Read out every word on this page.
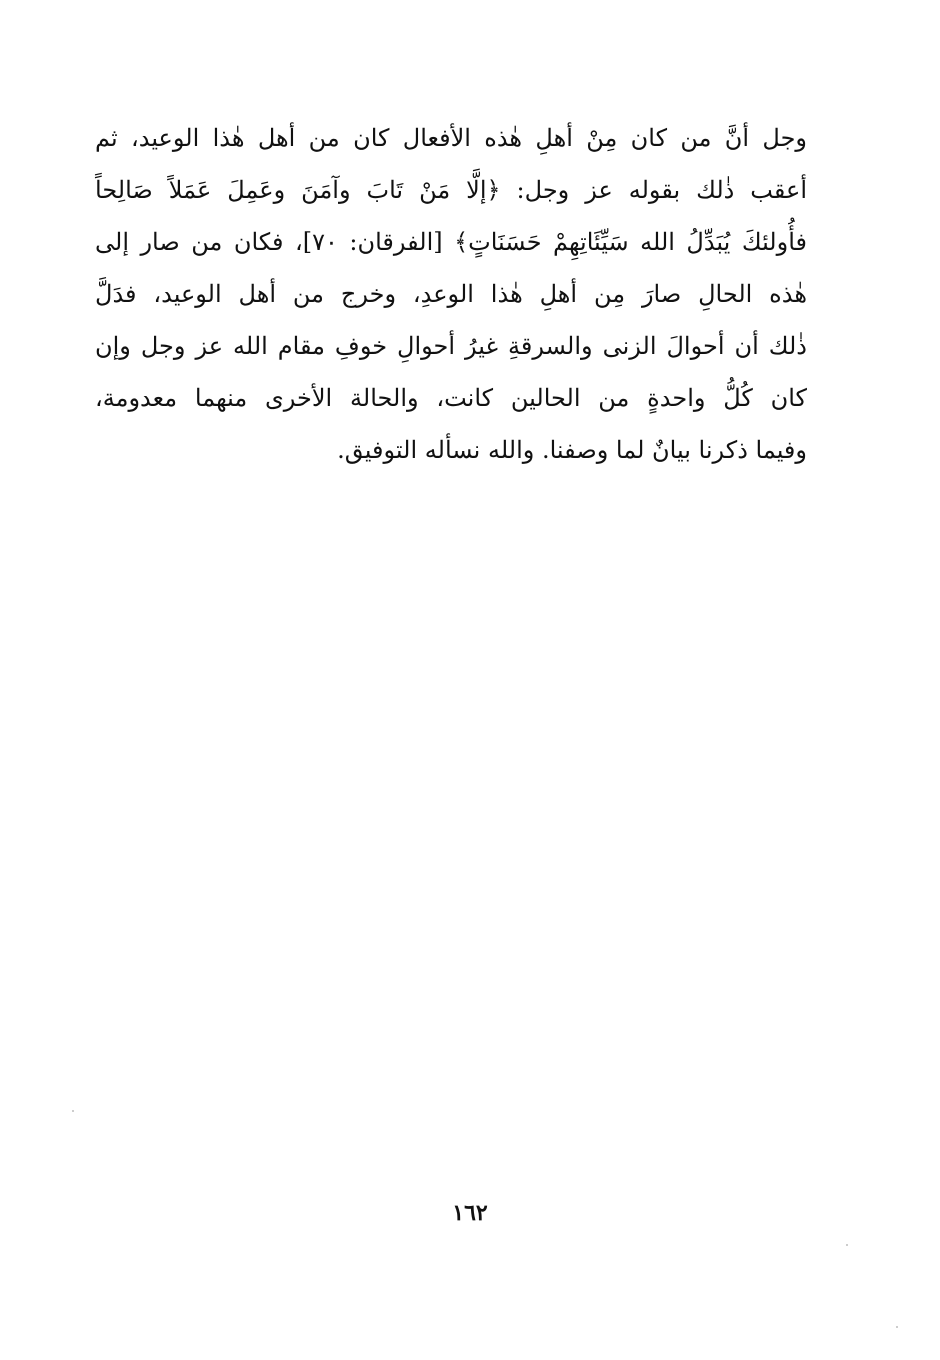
وجل أنَّ من كان مِنْ أهلِ هٰذه الأفعال كان من أهل هٰذا الوعيد، ثم
أعقب ذٰلك بقوله عز وجل: ﴿إلَّا مَنْ تَابَ وآمَنَ وعَمِلَ عَمَلاً صَالِحاً
فأُولئكَ يُبَدِّلُ الله سَيِّئَاتِهِمْ حَسَنَاتٍ﴾ [الفرقان: ٧٠]، فكان من صار إلى
هٰذه الحالِ صارَ مِن أهلِ هٰذا الوعدِ، وخرج من أهل الوعيد، فدَلَّ
ذٰلك أن أحوالَ الزنى والسرقةِ غيرُ أحوالِ خوفِ مقام الله عز وجل وإن
كان كُلُّ واحدةٍ من الحالين كانت، والحالة الأخرى منهما معدومة،
وفيما ذكرنا بيانٌ لما وصفنا. والله نسأله التوفيق.
١٦٢
